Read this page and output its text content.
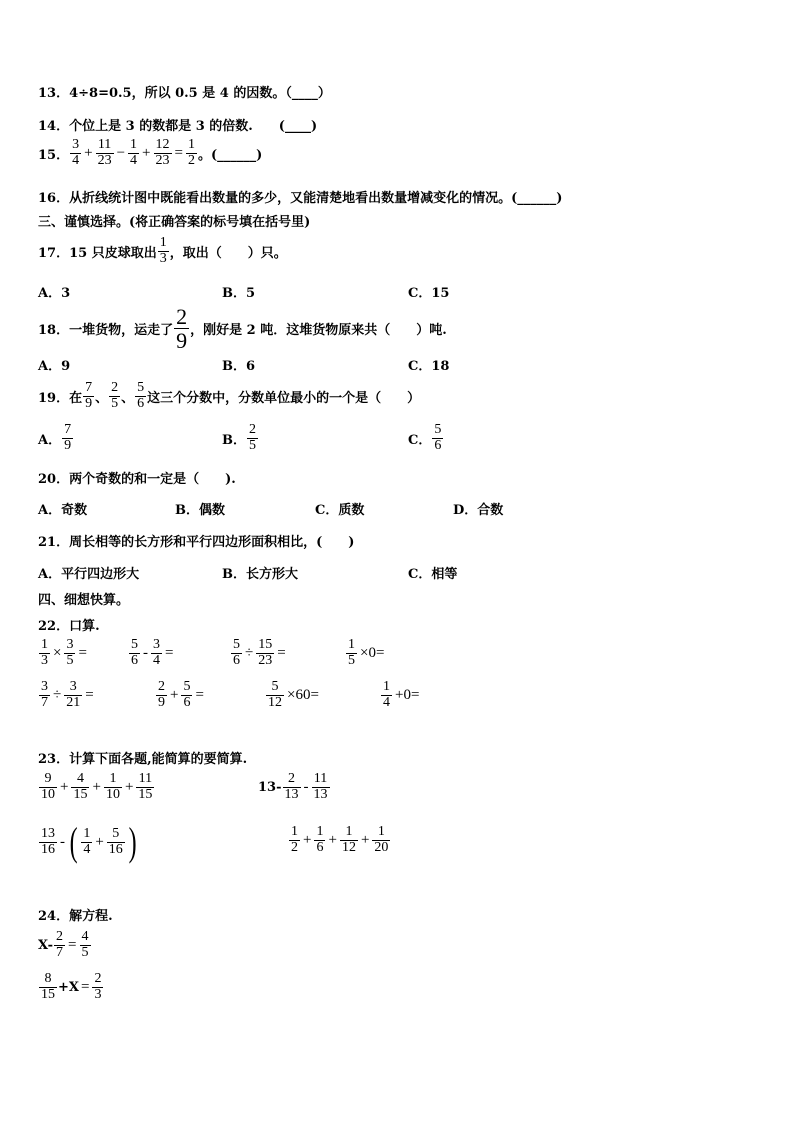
13．4÷8=0.5，所以 0.5 是 4 的因数。（____）
14．个位上是 3 的数都是 3 的倍数.　　(____)
15． $\frac{3}{4} + \frac{11}{23} - \frac{1}{4} + \frac{12}{23} = \frac{1}{2}$ 。(______)
16．从折线统计图中既能看出数量的多少，又能清楚地看出数量增减变化的情况。(______)
三、谨慎选择。(将正确答案的标号填在括号里)
17．15 只皮球取出 $\frac{1}{3}$ ，取出（　　）只。
A．3	B．5	C．15
18．一堆货物，运走了 $\frac{2}{9}$ ，刚好是 2 吨．这堆货物原来共（　　）吨.
A．9	B．6	C．18
19．在 $\frac{7}{9}$ 、 $\frac{2}{5}$ 、 $\frac{5}{6}$ 这三个分数中，分数单位最小的一个是（　　）
A． $\frac{7}{9}$	B． $\frac{2}{5}$	C． $\frac{5}{6}$
20．两个奇数的和一定是（　　).
A．奇数	B．偶数	C．质数	D．合数
21．周长相等的长方形和平行四边形面积相比，(　　)
A．平行四边形大	B．长方形大	C．相等
四、细想快算。
22．口算.
$\frac{1}{3} \times \frac{3}{5}$ =	$\frac{5}{6} - \frac{3}{4}$ =	$\frac{5}{6} \div \frac{15}{23}$ =	$\frac{1}{5} \times 0=$
$\frac{3}{7} \div \frac{3}{21}$ =	$\frac{2}{9} + \frac{5}{6}$ =	$\frac{5}{12} \times 60=$	$\frac{1}{4} +0=$
23．计算下面各题,能简算的要简算.
$\frac{9}{10} + \frac{4}{15} + \frac{1}{10} + \frac{11}{15}$	$13- \frac{2}{13} - \frac{11}{13}$
$\frac{13}{16}$ - ( $\frac{1}{4} + \frac{5}{16}$ )	$\frac{1}{2} + \frac{1}{6} + \frac{1}{12} + \frac{1}{20}$
24．解方程.
$X- \frac{2}{7} = \frac{4}{5}$
$\frac{8}{15} +X = \frac{2}{3}$
